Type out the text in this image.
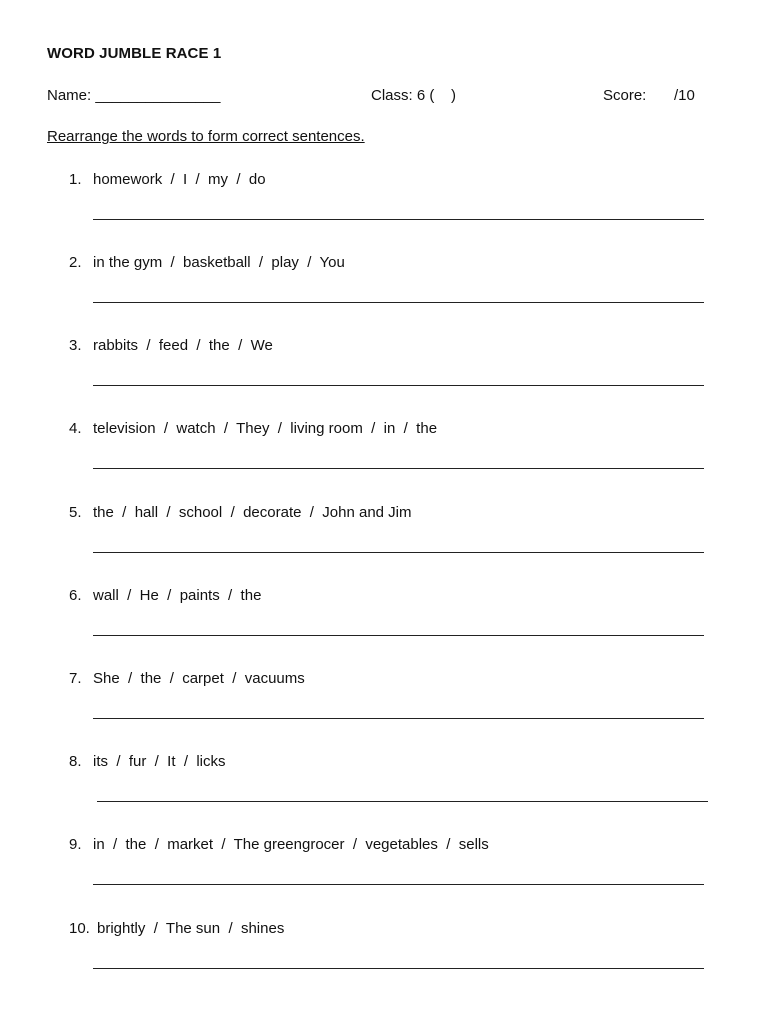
WORD JUMBLE RACE 1
Name: _______________	Class: 6 (    )	Score: /10
Rearrange the words to form correct sentences.
1. homework  /  I  /  my  /  do
2. in the gym  /  basketball  /  play  /  You
3. rabbits  /  feed  /  the  /  We
4. television  /  watch  /  They  /  living room  /  in  /  the
5. the  /  hall  /  school  /  decorate  /  John and Jim
6. wall  /  He  /  paints  /  the
7. She  /  the  /  carpet  /  vacuums
8. its  /  fur  /  It  /  licks
9. in  /  the  /  market  /  The greengrocer  /  vegetables  /  sells
10. brightly  /  The sun  /  shines
